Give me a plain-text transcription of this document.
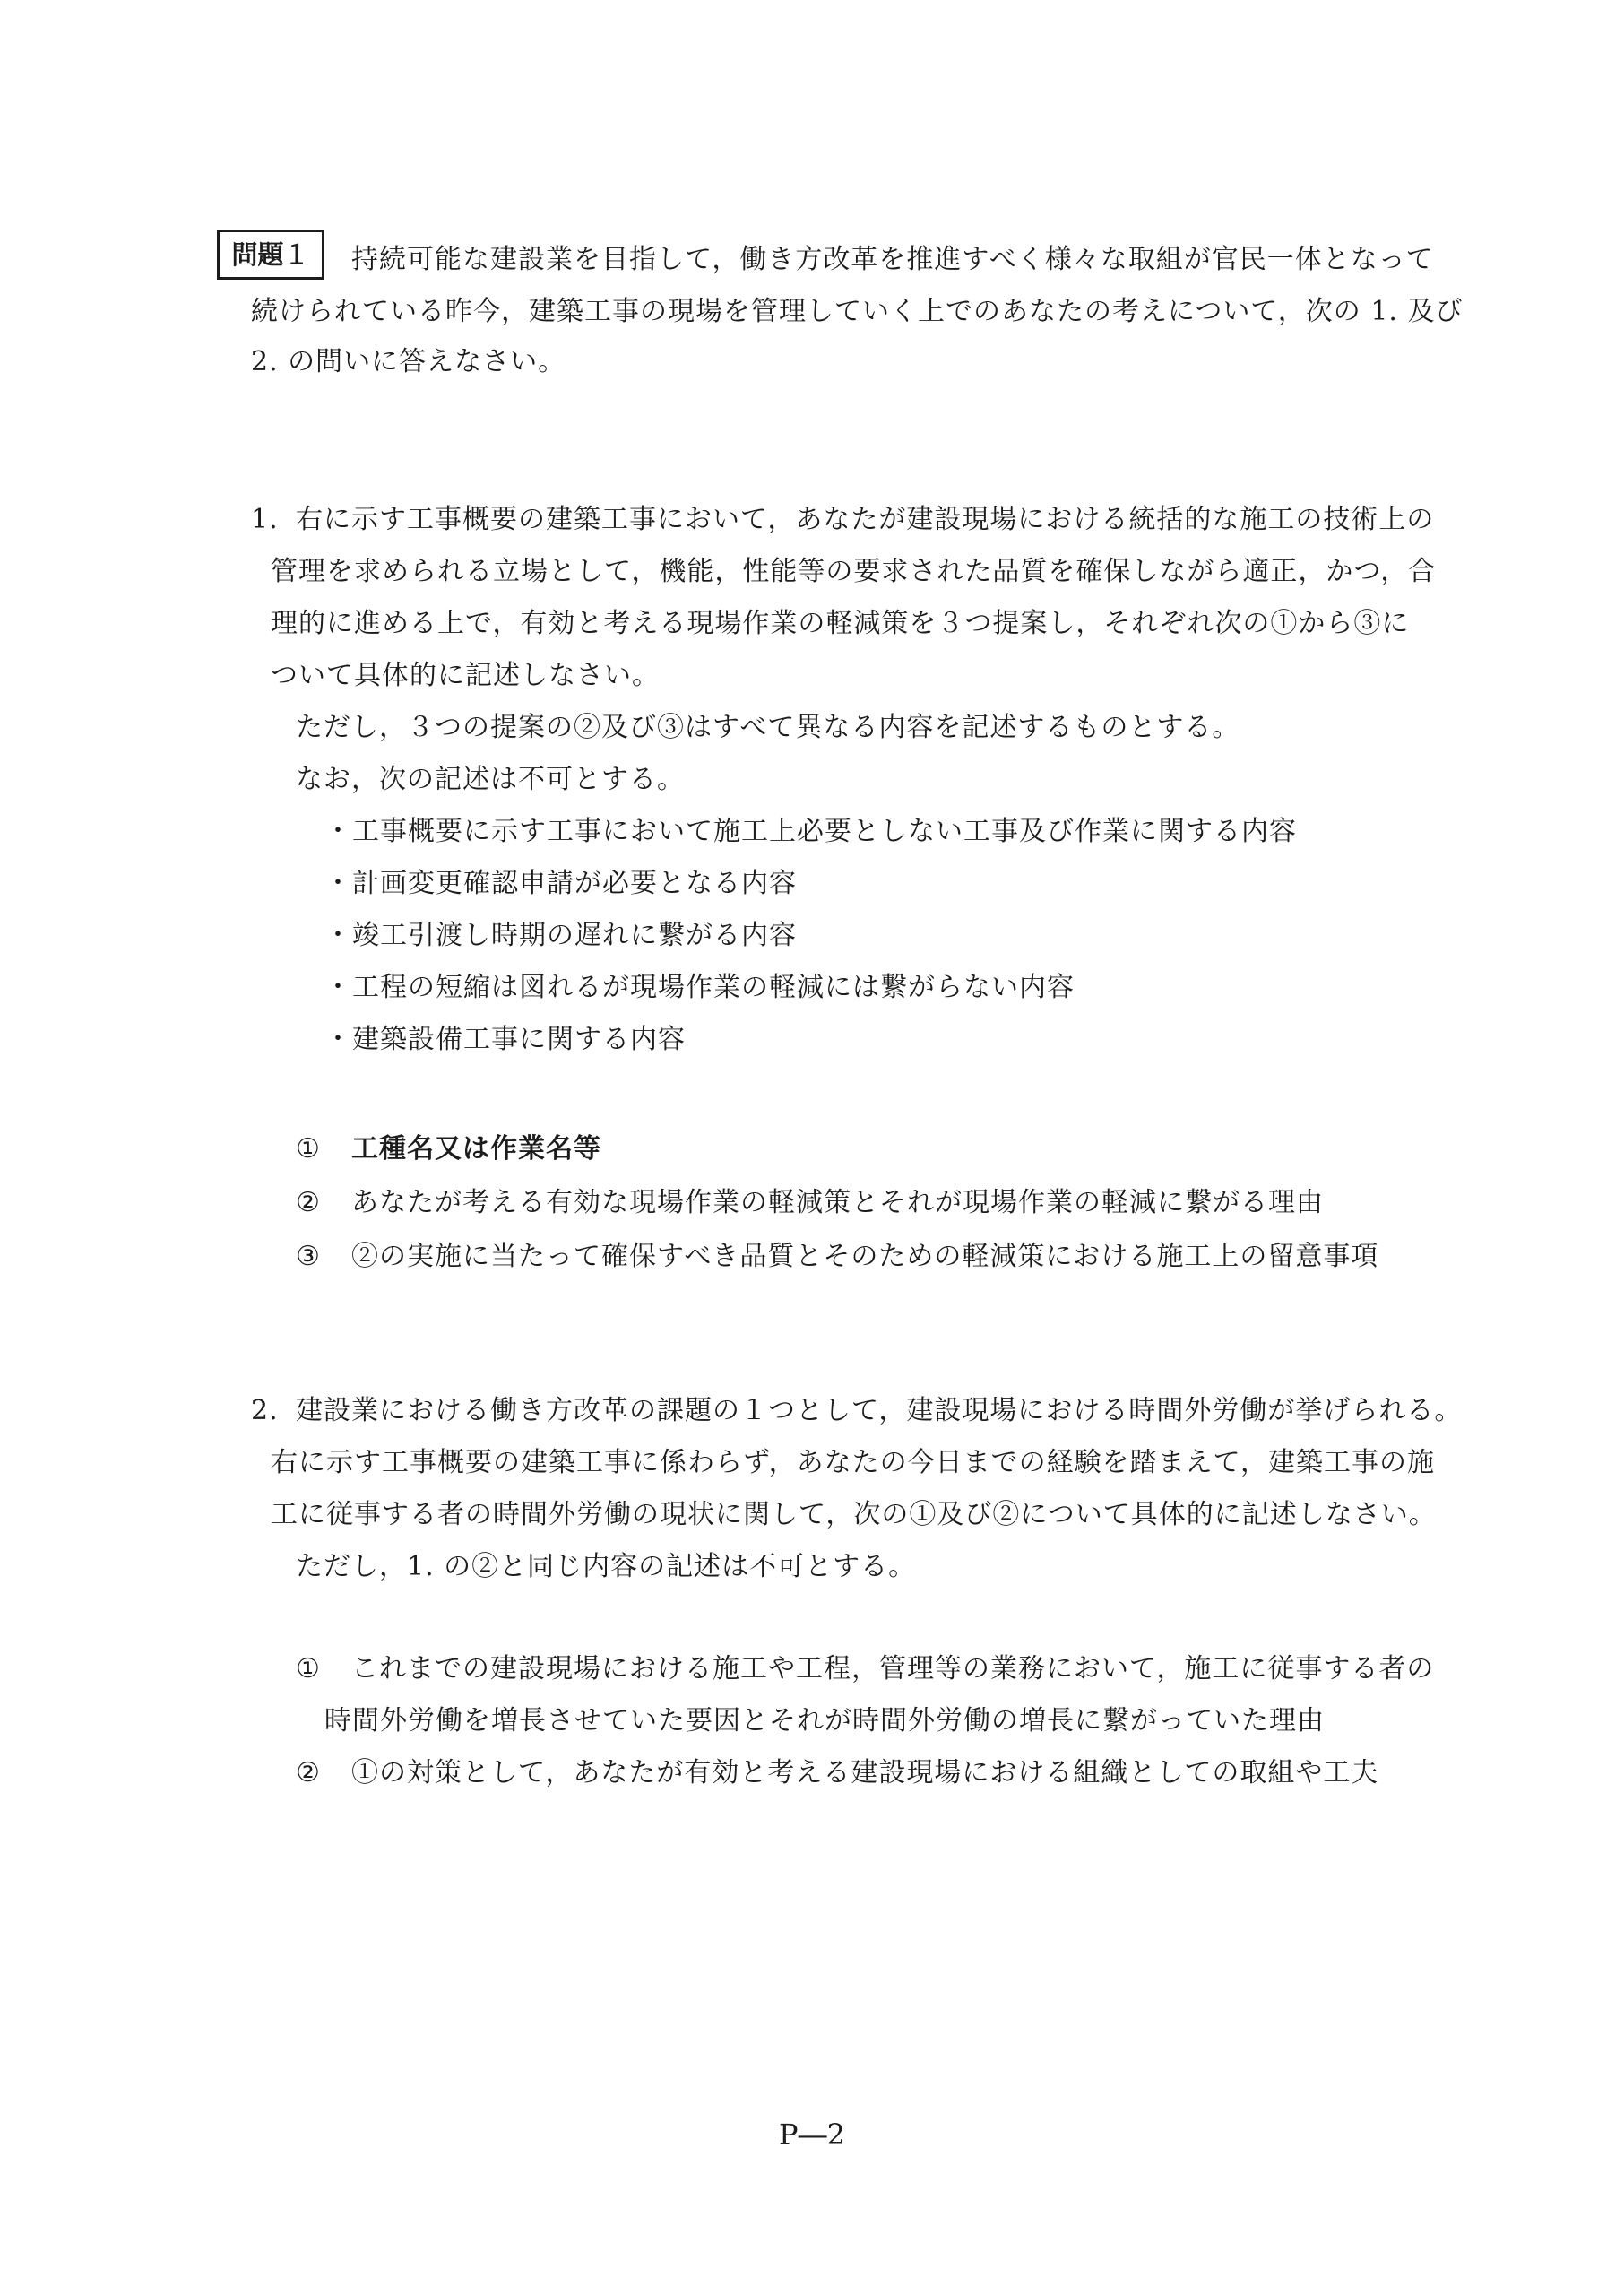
問題１	持続可能な建設業を目指して，働き方改革を推進すべく様々な取組が官民一体となって
続けられている昨今，建築工事の現場を管理していく上でのあなたの考えについて，次の 1. 及び
2. の問いに答えなさい。
1. 右に示す工事概要の建築工事において，あなたが建設現場における統括的な施工の技術上の
管理を求められる立場として，機能，性能等の要求された品質を確保しながら適正，かつ，合
理的に進める上で，有効と考える現場作業の軽減策を３つ提案し，それぞれ次の①から③に
ついて具体的に記述しなさい。
ただし，３つの提案の②及び③はすべて異なる内容を記述するものとする。
なお，次の記述は不可とする。
・工事概要に示す工事において施工上必要としない工事及び作業に関する内容
・計画変更確認申請が必要となる内容
・竣工引渡し時期の遅れに繋がる内容
・工程の短縮は図れるが現場作業の軽減には繋がらない内容
・建築設備工事に関する内容
① 工種名又は作業名等
② あなたが考える有効な現場作業の軽減策とそれが現場作業の軽減に繋がる理由
③ ②の実施に当たって確保すべき品質とそのための軽減策における施工上の留意事項
2. 建設業における働き方改革の課題の１つとして，建設現場における時間外労働が挙げられる。
右に示す工事概要の建築工事に係わらず，あなたの今日までの経験を踏まえて，建築工事の施
工に従事する者の時間外労働の現状に関して，次の①及び②について具体的に記述しなさい。
ただし，1. の②と同じ内容の記述は不可とする。
① これまでの建設現場における施工や工程，管理等の業務において，施工に従事する者の
時間外労働を増長させていた要因とそれが時間外労働の増長に繋がっていた理由
② ①の対策として，あなたが有効と考える建設現場における組織としての取組や工夫
P―2
